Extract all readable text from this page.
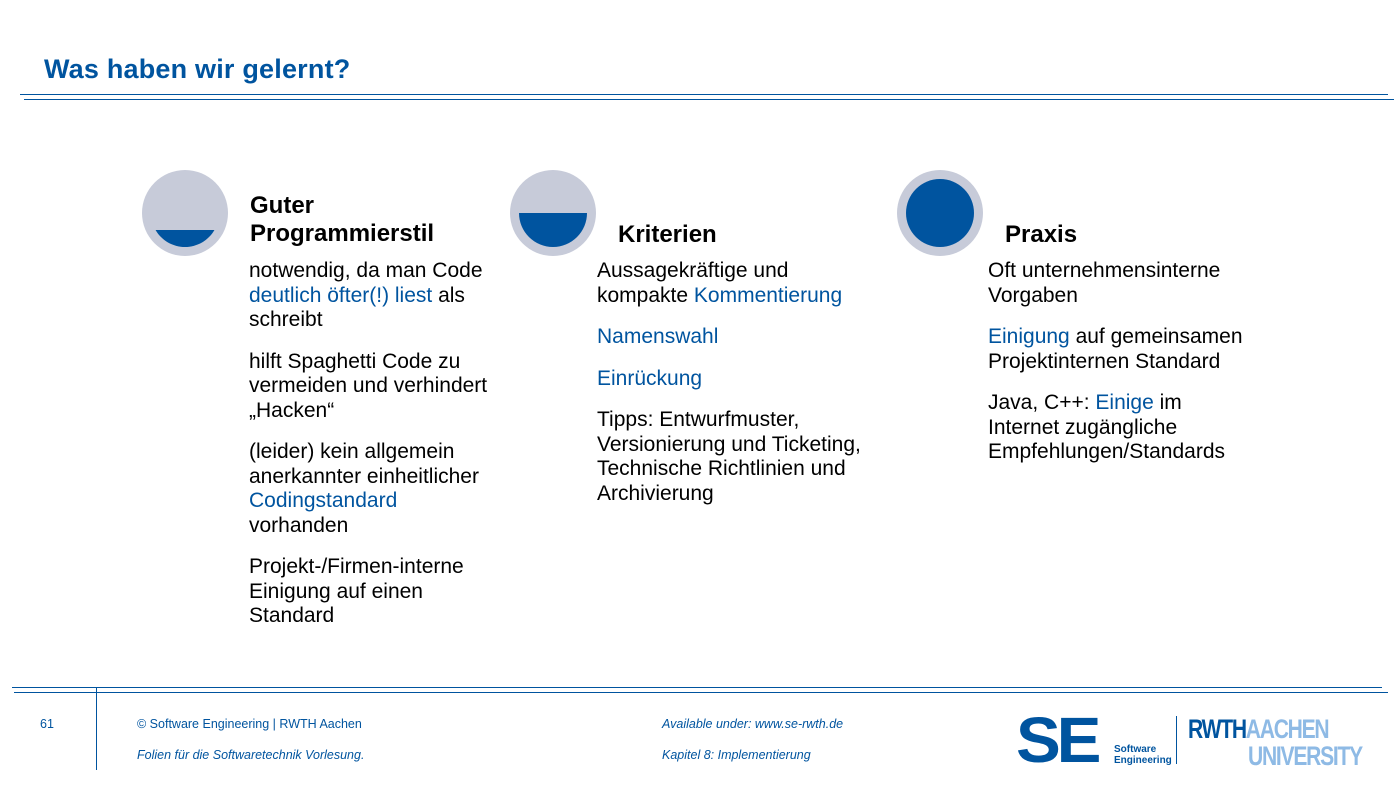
Was haben wir gelernt?
Guter
Programmierstil

notwendig, da man Code deutlich öfter(!) liest als schreibt

hilft Spaghetti Code zu vermeiden und verhindert „Hacken“

(leider) kein allgemein anerkannter einheitlicher Codingstandard vorhanden

Projekt-/Firmen-interne Einigung auf einen Standard

Kriterien

Aussagekräftige und kompakte Kommentierung

Namenswahl

Einrückung

Tipps: Entwurfmuster, Versionierung und Ticketing, Technische Richtlinien und Archivierung

Praxis

Oft unternehmensinterne Vorgaben

Einigung auf gemeinsamen Projektinternen Standard

Java, C++: Einige im Internet zugängliche Empfehlungen/Standards

61	© Software Engineering | RWTH Aachen
Folien für die Softwaretechnik Vorlesung.
Available under: www.se-rwth.de
Kapitel 8: Implementierung	SE Software
Engineering
RWTHAACHEN
UNIVERSITY
